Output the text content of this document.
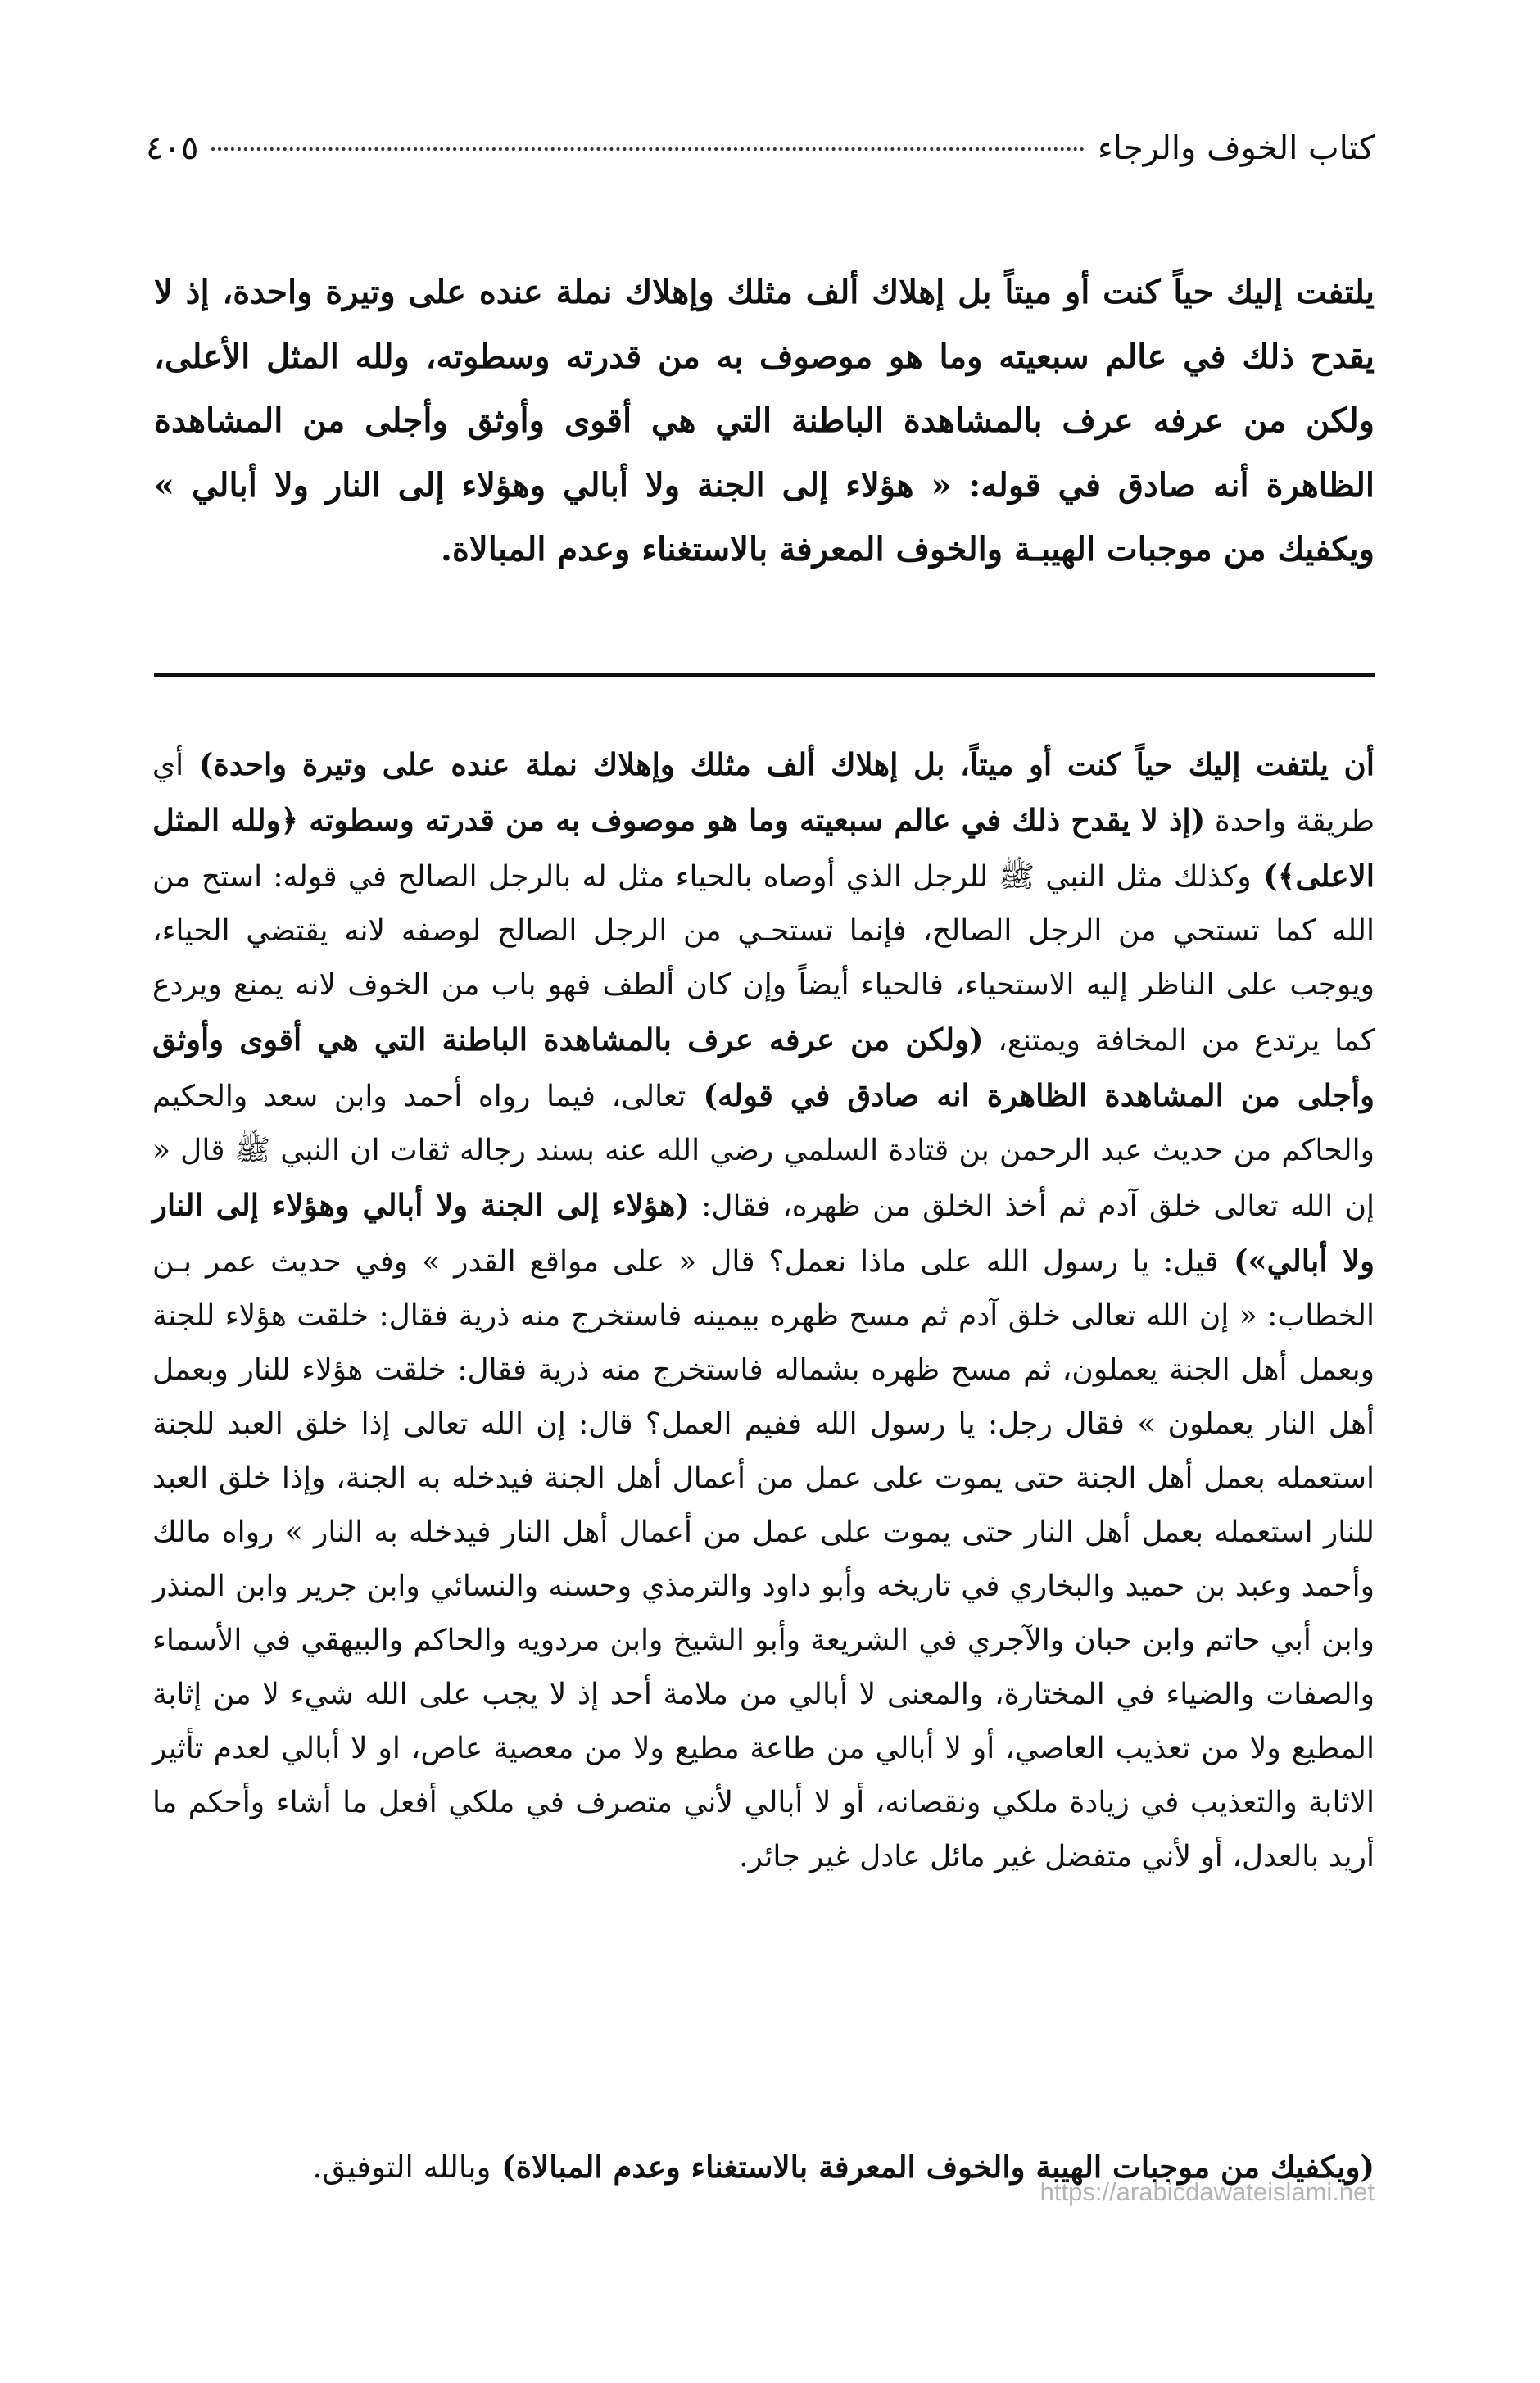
كتاب الخوف والرجاء
٤٠٥
يلتفت إليك حياً كنت أو ميتاً بل إهلاك ألف مثلك وإهلاك نملة عنده على وتيرة واحدة، إذ لا يقدح ذلك في عالم سبعيته وما هو موصوف به من قدرته وسطوته، ولله المثل الأعلى، ولكن من عرفه عرف بالمشاهدة الباطنة التي هي أقوى وأوثق وأجلى من المشاهدة الظاهرة أنه صادق في قوله: « هؤلاء إلى الجنة ولا أبالي وهؤلاء إلى النار ولا أبالي » ويكفيك من موجبات الهيبـة والخوف المعرفة بالاستغناء وعدم المبالاة.
أن يلتفت إليك حياً كنت أو ميتاً، بل إهلاك ألف مثلك وإهلاك نملة عنده على وتيرة واحدة) أي طريقة واحدة (إذ لا يقدح ذلك في عالم سبعيته وما هو موصوف به من قدرته وسطوته ﴿ولله المثل الاعلى﴾) وكذلك مثل النبي ﷺ للرجل الذي أوصاه بالحياء مثل له بالرجل الصالح في قوله: استح من الله كما تستحي من الرجل الصالح، فإنما تستحـي من الرجل الصالح لوصفه لانه يقتضي الحياء، ويوجب على الناظر إليه الاستحياء، فالحياء أيضاً وإن كان ألطف فهو باب من الخوف لانه يمنع ويردع كما يرتدع من المخافة ويمتنع، (ولكن من عرفه عرف بالمشاهدة الباطنة التي هي أقوى وأوثق وأجلى من المشاهدة الظاهرة انه صادق في قوله) تعالى، فيما رواه أحمد وابن سعد والحكيم والحاكم من حديث عبد الرحمن بن قتادة السلمي رضي الله عنه بسند رجاله ثقات ان النبي ﷺ قال « إن الله تعالى خلق آدم ثم أخذ الخلق من ظهره، فقال: (هؤلاء إلى الجنة ولا أبالي وهؤلاء إلى النار ولا أبالي») قيل: يا رسول الله على ماذا نعمل؟ قال « على مواقع القدر » وفي حديث عمر بـن الخطاب: « إن الله تعالى خلق آدم ثم مسح ظهره بيمينه فاستخرج منه ذرية فقال: خلقت هؤلاء للجنة وبعمل أهل الجنة يعملون، ثم مسح ظهره بشماله فاستخرج منه ذرية فقال: خلقت هؤلاء للنار وبعمل أهل النار يعملون » فقال رجل: يا رسول الله ففيم العمل؟ قال: إن الله تعالى إذا خلق العبد للجنة استعمله بعمل أهل الجنة حتى يموت على عمل من أعمال أهل الجنة فيدخله به الجنة، وإذا خلق العبد للنار استعمله بعمل أهل النار حتى يموت على عمل من أعمال أهل النار فيدخله به النار » رواه مالك وأحمد وعبد بن حميد والبخاري في تاريخه وأبو داود والترمذي وحسنه والنسائي وابن جرير وابن المنذر وابن أبي حاتم وابن حبان والآجري في الشريعة وأبو الشيخ وابن مردويه والحاكم والبيهقي في الأسماء والصفات والضياء في المختارة، والمعنى لا أبالي من ملامة أحد إذ لا يجب على الله شيء لا من إثابة المطيع ولا من تعذيب العاصي، أو لا أبالي من طاعة مطيع ولا من معصية عاص، او لا أبالي لعدم تأثير الاثابة والتعذيب في زيادة ملكي ونقصانه، أو لا أبالي لأني متصرف في ملكي أفعل ما أشاء وأحكم ما أريد بالعدل، أو لأني متفضل غير مائل عادل غير جائر.
(ويكفيك من موجبات الهيبة والخوف المعرفة بالاستغناء وعدم المبالاة) وبالله التوفيق.
https://arabicdawateislami.net
